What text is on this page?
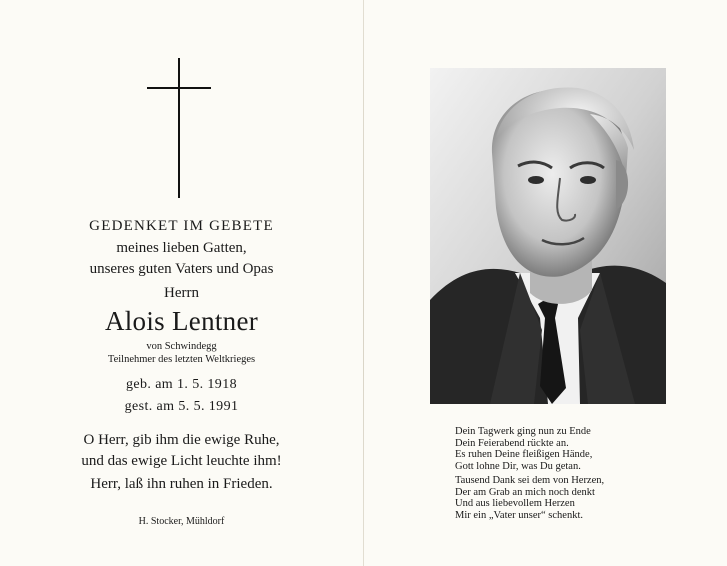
GEDENKET IM GEBETE

meines lieben Gatten,

unseres guten Vaters und Opas

Herrn

Alois Lentner

von Schwindegg

Teilnehmer des letzten Weltkrieges

geb. am 1. 5. 1918

gest. am 5. 5. 1991

O Herr, gib ihm die ewige Ruhe,

und das ewige Licht leuchte ihm!

Herr, laß ihn ruhen in Frieden.

H. Stocker, Mühldorf

Dein Tagwerk ging nun zu Ende

Dein Feierabend rückte an.

Es ruhen Deine fleißigen Hände,

Gott lohne Dir, was Du getan.

Tausend Dank sei dem von Herzen,

Der am Grab an mich noch denkt

Und aus liebevollem Herzen

Mir ein „Vater unser“ schenkt.
